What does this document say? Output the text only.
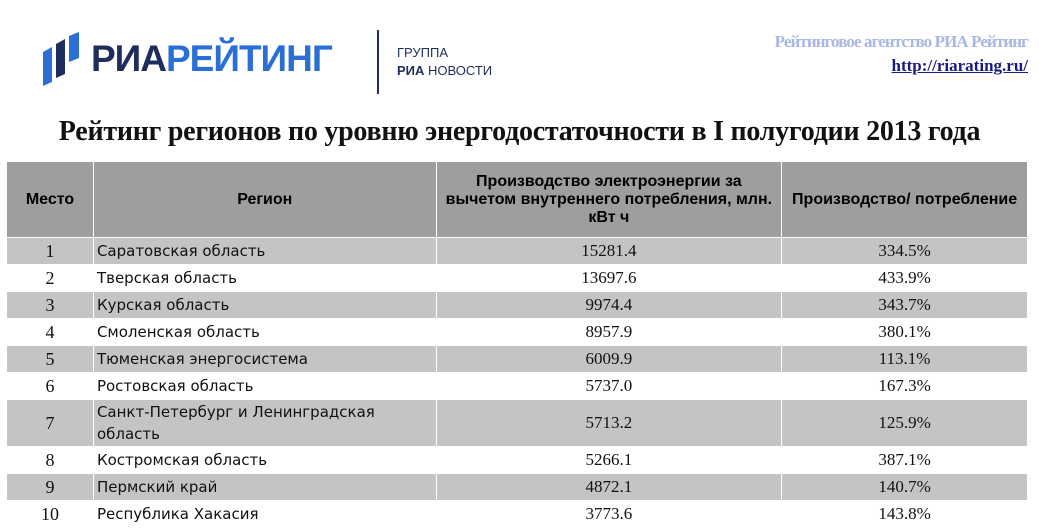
РИАРЕЙТИНГ	ГРУППА
РИА НОВОСТИ
Рейтинговое агентство РИА Рейтинг
http://riarating.ru/
Рейтинг регионов по уровню энергодостаточности в I полугодии 2013 года
Место	Регион	Производство электроэнергии за вычетом внутреннего потребления, млн. кВт ч	Производство/ потребление
1	Саратовская область	15281.4	334.5%
2	Тверская область	13697.6	433.9%
3	Курская область	9974.4	343.7%
4	Смоленская область	8957.9	380.1%
5	Тюменская энергосистема	6009.9	113.1%
6	Ростовская область	5737.0	167.3%
7	Санкт-Петербург и Ленинградская область	5713.2	125.9%
8	Костромская область	5266.1	387.1%
9	Пермский край	4872.1	140.7%
10	Республика Хакасия	3773.6	143.8%
